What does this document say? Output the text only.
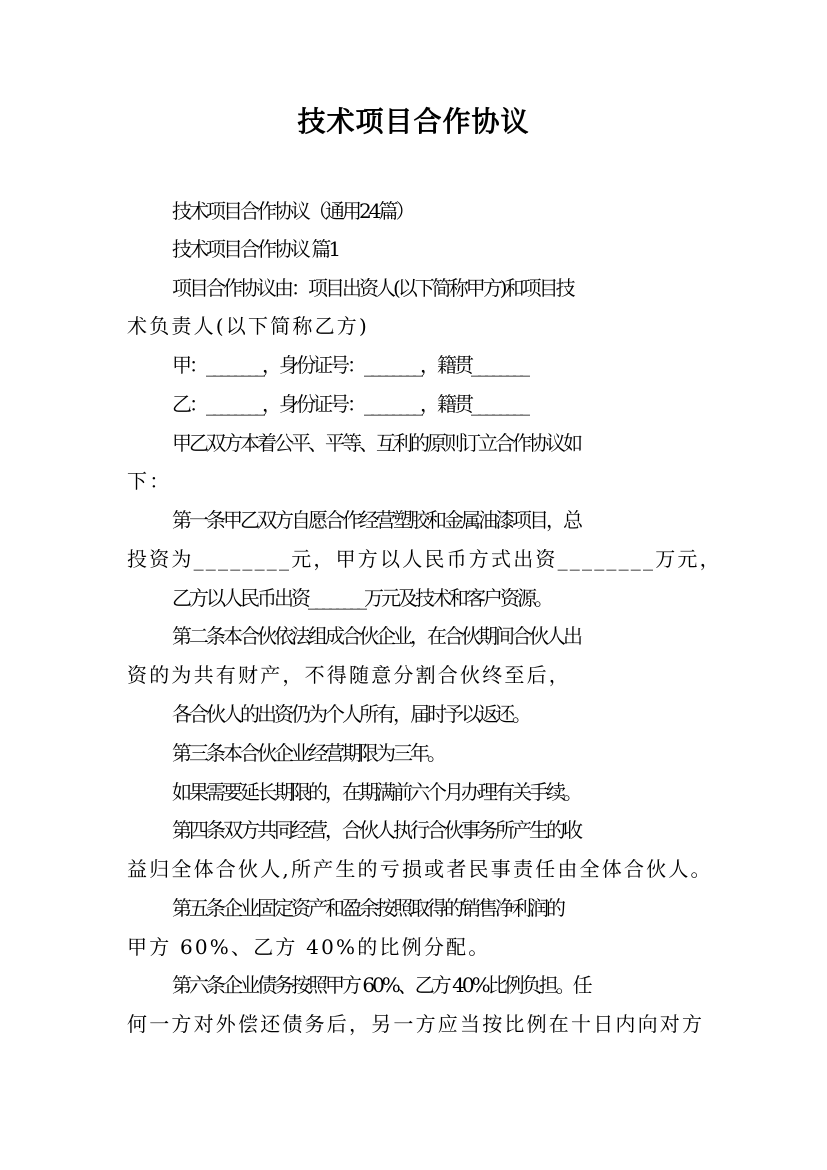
技术项目合作协议
技术项目合作协议（通用24篇）
技术项目合作协议 篇1
项目合作协议由：项目出资人(以下简称甲方)和项目技
术负责人(以下简称乙方)
甲：________，身份证号：________，籍贯________
乙：________，身份证号：________，籍贯________
甲乙双方本着公平、平等、互利的原则订立合作协议如
下：
第一条甲乙双方自愿合作经营塑胶和金属油漆项目，总
投资为________元，甲方以人民币方式出资________万元，
乙方以人民币出资________万元及技术和客户资源。
第二条本合伙依法组成合伙企业，在合伙期间合伙人出
资的为共有财产，不得随意分割合伙终至后，
各合伙人的出资仍为个人所有，届时予以返还。
第三条本合伙企业经营期限为三年。
如果需要延长期限的，在期满前六个月办理有关手续。
第四条双方共同经营，合伙人执行合伙事务所产生的收
益归全体合伙人,所产生的亏损或者民事责任由全体合伙人。
第五条企业固定资产和盈余按照取得的销售净利润的
甲方 60%、乙方 40%的比例分配。
第六条企业债务按照甲方 60%、乙方 40%比例负担。任
何一方对外偿还债务后，另一方应当按比例在十日内向对方
